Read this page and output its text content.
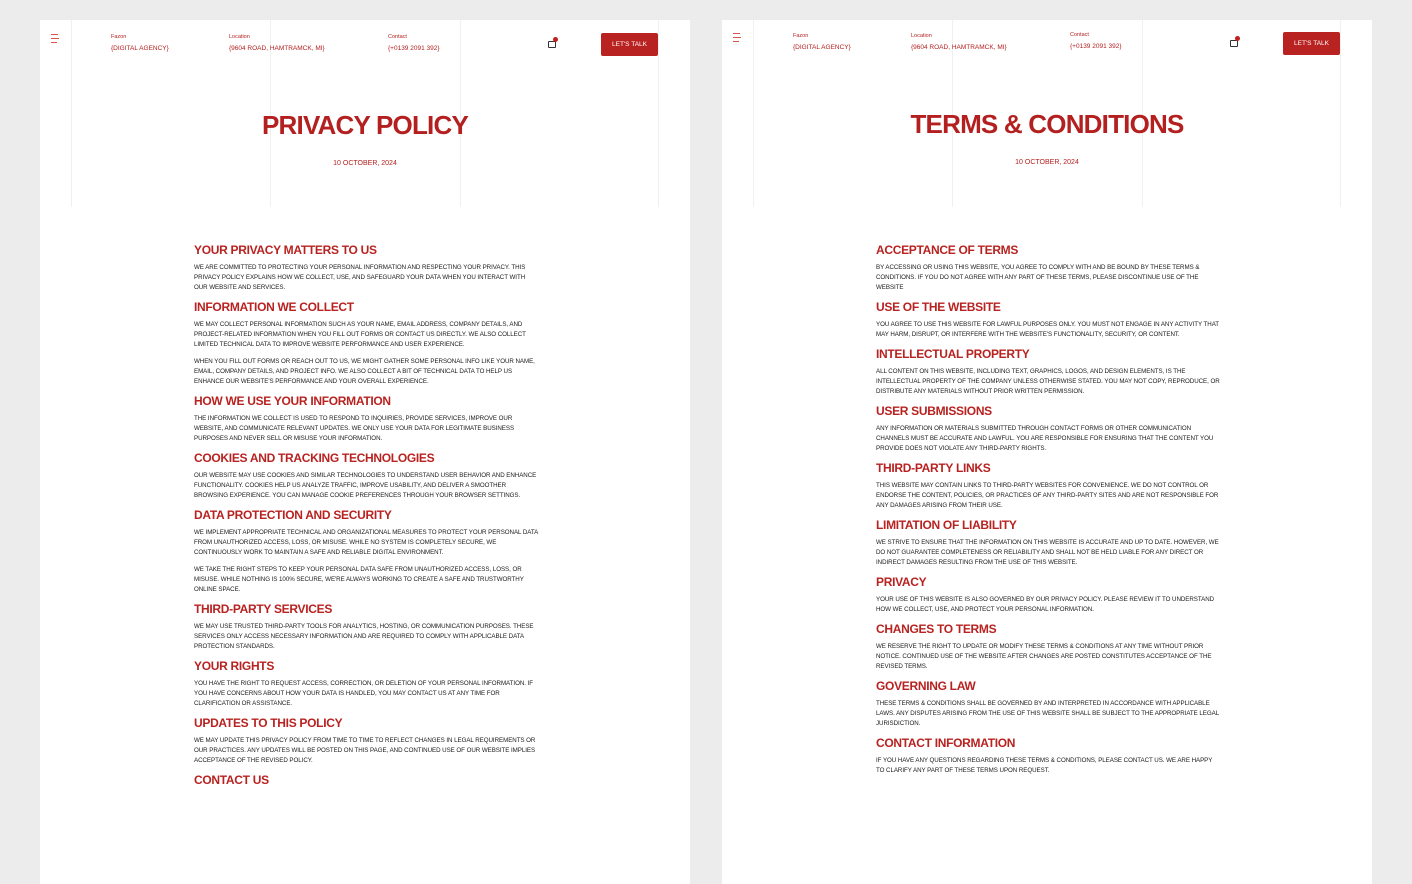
Fazon
{DIGITAL AGENCY}
Location
{9604 ROAD, HAMTRAMCK, MI}
Contact
{+0139 2091 392}
LET'S TALK
PRIVACY POLICY
10 OCTOBER, 2024
YOUR PRIVACY MATTERS TO US

WE ARE COMMITTED TO PROTECTING YOUR PERSONAL INFORMATION AND RESPECTING YOUR PRIVACY. THIS PRIVACY POLICY EXPLAINS HOW WE COLLECT, USE, AND SAFEGUARD YOUR DATA WHEN YOU INTERACT WITH OUR WEBSITE AND SERVICES.

INFORMATION WE COLLECT

WE MAY COLLECT PERSONAL INFORMATION SUCH AS YOUR NAME, EMAIL ADDRESS, COMPANY DETAILS, AND PROJECT-RELATED INFORMATION WHEN YOU FILL OUT FORMS OR CONTACT US DIRECTLY. WE ALSO COLLECT LIMITED TECHNICAL DATA TO IMPROVE WEBSITE PERFORMANCE AND USER EXPERIENCE.

WHEN YOU FILL OUT FORMS OR REACH OUT TO US, WE MIGHT GATHER SOME PERSONAL INFO LIKE YOUR NAME, EMAIL, COMPANY DETAILS, AND PROJECT INFO. WE ALSO COLLECT A BIT OF TECHNICAL DATA TO HELP US ENHANCE OUR WEBSITE'S PERFORMANCE AND YOUR OVERALL EXPERIENCE.

HOW WE USE YOUR INFORMATION

THE INFORMATION WE COLLECT IS USED TO RESPOND TO INQUIRIES, PROVIDE SERVICES, IMPROVE OUR WEBSITE, AND COMMUNICATE RELEVANT UPDATES. WE ONLY USE YOUR DATA FOR LEGITIMATE BUSINESS PURPOSES AND NEVER SELL OR MISUSE YOUR INFORMATION.

COOKIES AND TRACKING TECHNOLOGIES

OUR WEBSITE MAY USE COOKIES AND SIMILAR TECHNOLOGIES TO UNDERSTAND USER BEHAVIOR AND ENHANCE FUNCTIONALITY. COOKIES HELP US ANALYZE TRAFFIC, IMPROVE USABILITY, AND DELIVER A SMOOTHER BROWSING EXPERIENCE. YOU CAN MANAGE COOKIE PREFERENCES THROUGH YOUR BROWSER SETTINGS.

DATA PROTECTION AND SECURITY

WE IMPLEMENT APPROPRIATE TECHNICAL AND ORGANIZATIONAL MEASURES TO PROTECT YOUR PERSONAL DATA FROM UNAUTHORIZED ACCESS, LOSS, OR MISUSE. WHILE NO SYSTEM IS COMPLETELY SECURE, WE CONTINUOUSLY WORK TO MAINTAIN A SAFE AND RELIABLE DIGITAL ENVIRONMENT.

WE TAKE THE RIGHT STEPS TO KEEP YOUR PERSONAL DATA SAFE FROM UNAUTHORIZED ACCESS, LOSS, OR MISUSE. WHILE NOTHING IS 100% SECURE, WE'RE ALWAYS WORKING TO CREATE A SAFE AND TRUSTWORTHY ONLINE SPACE.

THIRD-PARTY SERVICES

WE MAY USE TRUSTED THIRD-PARTY TOOLS FOR ANALYTICS, HOSTING, OR COMMUNICATION PURPOSES. THESE SERVICES ONLY ACCESS NECESSARY INFORMATION AND ARE REQUIRED TO COMPLY WITH APPLICABLE DATA PROTECTION STANDARDS.

YOUR RIGHTS

YOU HAVE THE RIGHT TO REQUEST ACCESS, CORRECTION, OR DELETION OF YOUR PERSONAL INFORMATION. IF YOU HAVE CONCERNS ABOUT HOW YOUR DATA IS HANDLED, YOU MAY CONTACT US AT ANY TIME FOR CLARIFICATION OR ASSISTANCE.

UPDATES TO THIS POLICY

WE MAY UPDATE THIS PRIVACY POLICY FROM TIME TO TIME TO REFLECT CHANGES IN LEGAL REQUIREMENTS OR OUR PRACTICES. ANY UPDATES WILL BE POSTED ON THIS PAGE, AND CONTINUED USE OF OUR WEBSITE IMPLIES ACCEPTANCE OF THE REVISED POLICY.

CONTACT US
Fazon
{DIGITAL AGENCY}
Location
{9604 ROAD, HAMTRAMCK, MI}
Contact
{+0139 2091 392}	LET'S TALK
TERMS & CONDITIONS
10 OCTOBER, 2024
ACCEPTANCE OF TERMS

BY ACCESSING OR USING THIS WEBSITE, YOU AGREE TO COMPLY WITH AND BE BOUND BY THESE TERMS & CONDITIONS. IF YOU DO NOT AGREE WITH ANY PART OF THESE TERMS, PLEASE DISCONTINUE USE OF THE WEBSITE

USE OF THE WEBSITE

YOU AGREE TO USE THIS WEBSITE FOR LAWFUL PURPOSES ONLY. YOU MUST NOT ENGAGE IN ANY ACTIVITY THAT MAY HARM, DISRUPT, OR INTERFERE WITH THE WEBSITE'S FUNCTIONALITY, SECURITY, OR CONTENT.

INTELLECTUAL PROPERTY

ALL CONTENT ON THIS WEBSITE, INCLUDING TEXT, GRAPHICS, LOGOS, AND DESIGN ELEMENTS, IS THE INTELLECTUAL PROPERTY OF THE COMPANY UNLESS OTHERWISE STATED. YOU MAY NOT COPY, REPRODUCE, OR DISTRIBUTE ANY MATERIALS WITHOUT PRIOR WRITTEN PERMISSION.

USER SUBMISSIONS

ANY INFORMATION OR MATERIALS SUBMITTED THROUGH CONTACT FORMS OR OTHER COMMUNICATION CHANNELS MUST BE ACCURATE AND LAWFUL. YOU ARE RESPONSIBLE FOR ENSURING THAT THE CONTENT YOU PROVIDE DOES NOT VIOLATE ANY THIRD-PARTY RIGHTS.

THIRD-PARTY LINKS

THIS WEBSITE MAY CONTAIN LINKS TO THIRD-PARTY WEBSITES FOR CONVENIENCE. WE DO NOT CONTROL OR ENDORSE THE CONTENT, POLICIES, OR PRACTICES OF ANY THIRD-PARTY SITES AND ARE NOT RESPONSIBLE FOR ANY DAMAGES ARISING FROM THEIR USE.

LIMITATION OF LIABILITY

WE STRIVE TO ENSURE THAT THE INFORMATION ON THIS WEBSITE IS ACCURATE AND UP TO DATE. HOWEVER, WE DO NOT GUARANTEE COMPLETENESS OR RELIABILITY AND SHALL NOT BE HELD LIABLE FOR ANY DIRECT OR INDIRECT DAMAGES RESULTING FROM THE USE OF THIS WEBSITE.

PRIVACY

YOUR USE OF THIS WEBSITE IS ALSO GOVERNED BY OUR PRIVACY POLICY. PLEASE REVIEW IT TO UNDERSTAND HOW WE COLLECT, USE, AND PROTECT YOUR PERSONAL INFORMATION.

CHANGES TO TERMS

WE RESERVE THE RIGHT TO UPDATE OR MODIFY THESE TERMS & CONDITIONS AT ANY TIME WITHOUT PRIOR NOTICE. CONTINUED USE OF THE WEBSITE AFTER CHANGES ARE POSTED CONSTITUTES ACCEPTANCE OF THE REVISED TERMS.

GOVERNING LAW

THESE TERMS & CONDITIONS SHALL BE GOVERNED BY AND INTERPRETED IN ACCORDANCE WITH APPLICABLE LAWS. ANY DISPUTES ARISING FROM THE USE OF THIS WEBSITE SHALL BE SUBJECT TO THE APPROPRIATE LEGAL JURISDICTION.

CONTACT INFORMATION

IF YOU HAVE ANY QUESTIONS REGARDING THESE TERMS & CONDITIONS, PLEASE CONTACT US. WE ARE HAPPY TO CLARIFY ANY PART OF THESE TERMS UPON REQUEST.
